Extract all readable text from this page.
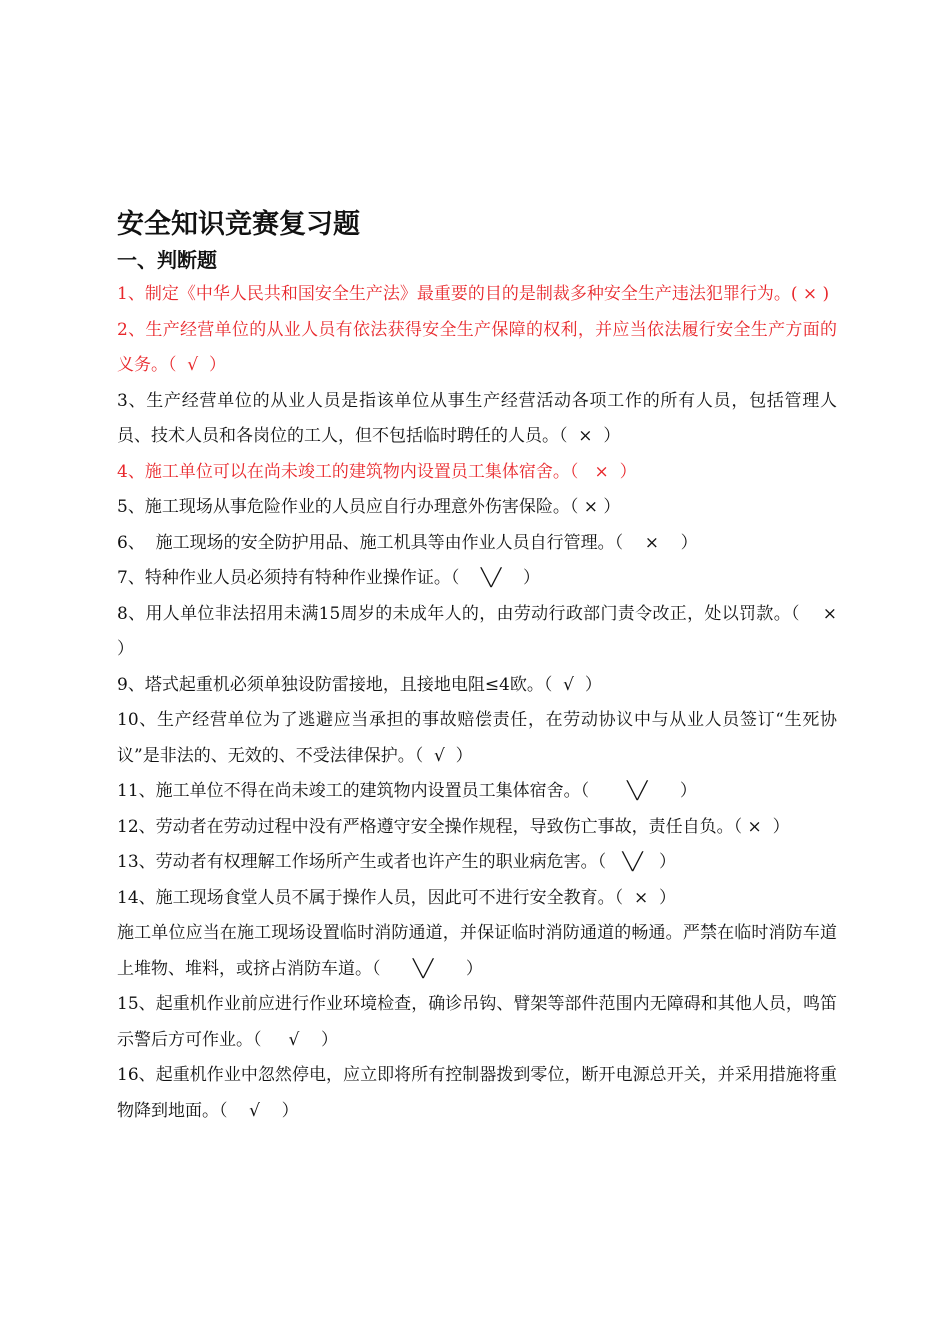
安全知识竞赛复习题
一、判断题

1、制定《中华人民共和国安全生产法》最重要的目的是制裁多种安全生产违法犯罪行为。( × )

2、生产经营单位的从业人员有依法获得安全生产保障的权利，并应当依法履行安全生产方面的义务。（  √  ）

3、生产经营单位的从业人员是指该单位从事生产经营活动各项工作的所有人员，包括管理人员、技术人员和各岗位的工人，但不包括临时聘任的人员。（  ×  ）

4、施工单位可以在尚未竣工的建筑物内设置员工集体宿舍。（   ×  ）

5、施工现场从事危险作业的人员应自行办理意外伤害保险。（ × ）

6、  施工现场的安全防护用品、施工机具等由作业人员自行管理。（    ×    ）

7、特种作业人员必须持有特种作业操作证。（    ╲╱    ）

8、用人单位非法招用未满15周岁的未成年人的，由劳动行政部门责令改正，处以罚款。（    ×    ）

9、塔式起重机必须单独设防雷接地，且接地电阻≤4欧。（  √  ）

10、生产经营单位为了逃避应当承担的事故赔偿责任，在劳动协议中与从业人员签订“生死协议”是非法的、无效的、不受法律保护。（  √  ）

11、施工单位不得在尚未竣工的建筑物内设置员工集体宿舍。（       ╲╱      ）

12、劳动者在劳动过程中没有严格遵守安全操作规程，导致伤亡事故，责任自负。（ ×  ）

13、劳动者有权理解工作场所产生或者也许产生的职业病危害。（   ╲╱   ）

14、施工现场食堂人员不属于操作人员，因此可不进行安全教育。（  ×  ）

施工单位应当在施工现场设置临时消防通道，并保证临时消防通道的畅通。严禁在临时消防车道上堆物、堆料，或挤占消防车道。（      ╲╱      ）

15、起重机作业前应进行作业环境检查，确诊吊钩、臂架等部件范围内无障碍和其他人员，鸣笛示警后方可作业。（     √    ）

16、起重机作业中忽然停电，应立即将所有控制器拨到零位，断开电源总开关，并采用措施将重物降到地面。（    √    ）
